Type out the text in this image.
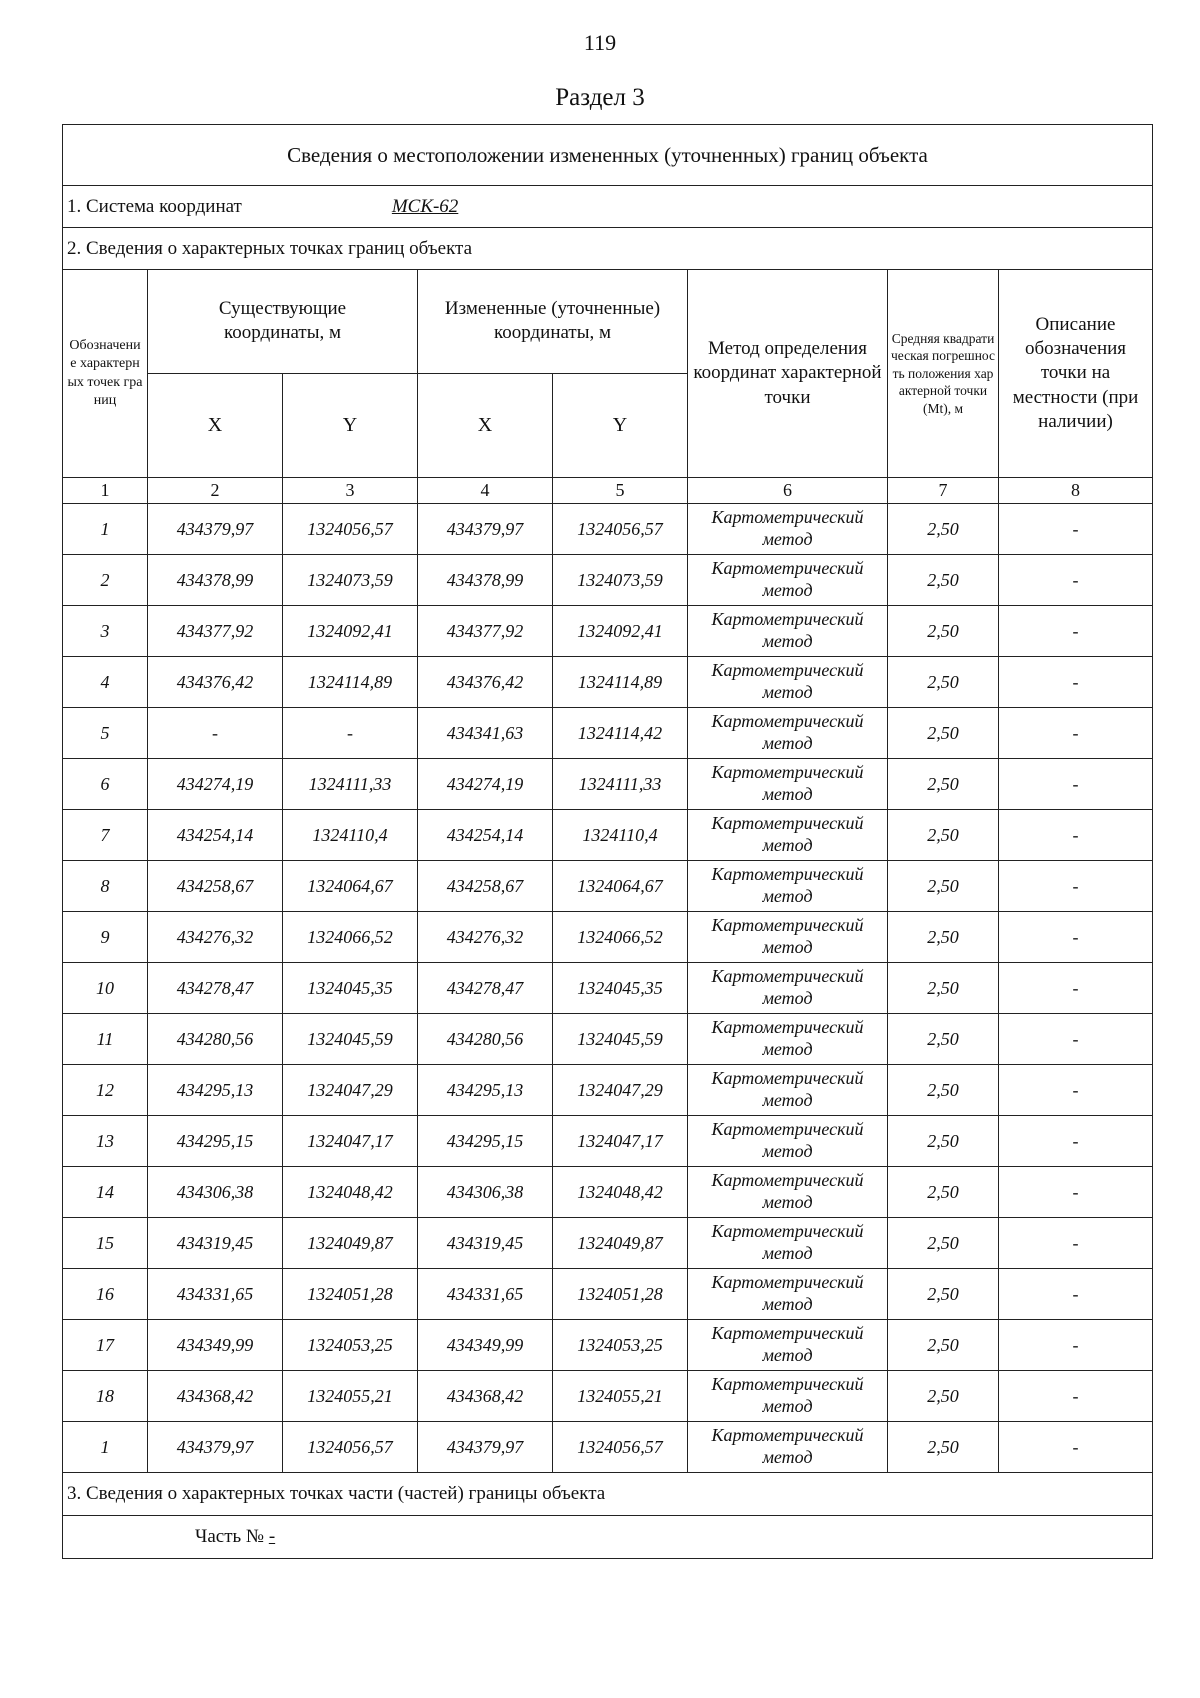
119
Раздел 3
Сведения о местоположении измененных (уточненных) границ объекта							
1. Система координат МСК-62							
2. Сведения о характерных точках границ объекта							

Обозначение характерных точек границ	Существующие координаты, м		Измененные (уточненные) координаты, м		Метод определения координат характерной точки	Средняя квадратическая погрешность положения характерной точки (Mt), м	Описание обозначения точки на местности (при наличии)

	X	Y	X	Y			
1	2	3	4	5	6	7	8
1	434379,97	1324056,57	434379,97	1324056,57	Картометрический метод	2,50	-
2	434378,99	1324073,59	434378,99	1324073,59	Картометрический метод	2,50	-
3	434377,92	1324092,41	434377,92	1324092,41	Картометрический метод	2,50	-
4	434376,42	1324114,89	434376,42	1324114,89	Картометрический метод	2,50	-
5	-	-	434341,63	1324114,42	Картометрический метод	2,50	-
6	434274,19	1324111,33	434274,19	1324111,33	Картометрический метод	2,50	-
7	434254,14	1324110,4	434254,14	1324110,4	Картометрический метод	2,50	-
8	434258,67	1324064,67	434258,67	1324064,67	Картометрический метод	2,50	-
9	434276,32	1324066,52	434276,32	1324066,52	Картометрический метод	2,50	-
10	434278,47	1324045,35	434278,47	1324045,35	Картометрический метод	2,50	-
11	434280,56	1324045,59	434280,56	1324045,59	Картометрический метод	2,50	-
12	434295,13	1324047,29	434295,13	1324047,29	Картометрический метод	2,50	-
13	434295,15	1324047,17	434295,15	1324047,17	Картометрический метод	2,50	-
14	434306,38	1324048,42	434306,38	1324048,42	Картометрический метод	2,50	-
15	434319,45	1324049,87	434319,45	1324049,87	Картометрический метод	2,50	-
16	434331,65	1324051,28	434331,65	1324051,28	Картометрический метод	2,50	-
17	434349,99	1324053,25	434349,99	1324053,25	Картометрический метод	2,50	-
18	434368,42	1324055,21	434368,42	1324055,21	Картометрический метод	2,50	-
1	434379,97	1324056,57	434379,97	1324056,57	Картометрический метод	2,50	-
3. Сведения о характерных точках части (частей) границы объекта							
Часть № -							
